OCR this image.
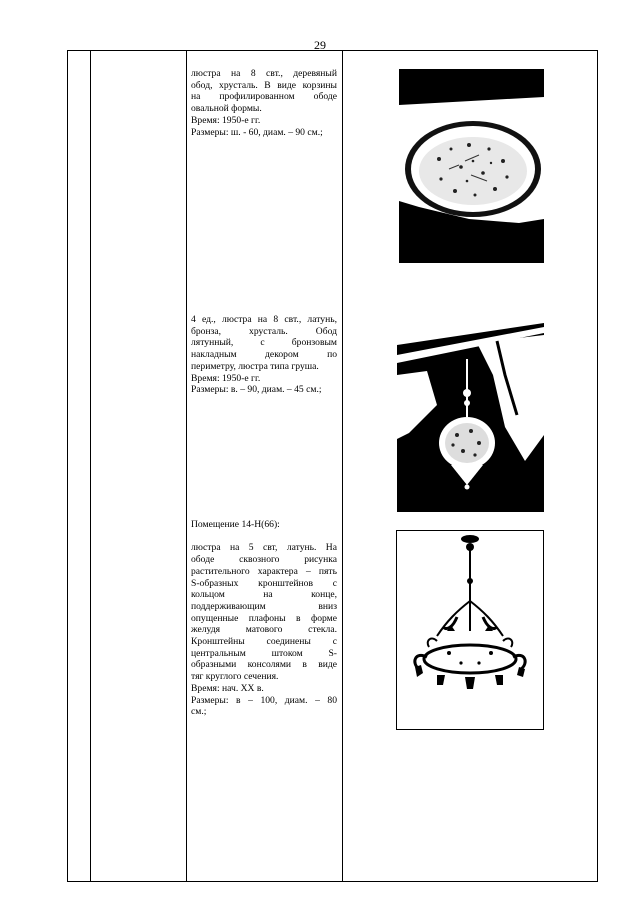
29

люстра на 8 свт., деревяный

обод, хрусталь. В виде корзины

на профилированном ободе

овальной формы.

Время: 1950-е гг.

Размеры: ш. - 60, диам. – 90 см.;

4 ед., люстра на 8 свт., латунь,

бронза, хрусталь. Обод

лятунный, с бронзовым

накладным декором по

периметру, люстра типа груша.

Время: 1950-е гг.

Размеры: в. – 90, диам. – 45 см.;

Помещение 14-Н(66):

люстра на 5 свт, латунь. На

ободе сквозного рисунка

растительного характера – пять

S-образных кронштейнов с

кольцом на конце,

поддерживающим вниз

опущенные плафоны в форме

желудя матового стекла.

Кронштейны соединены с

центральным штоком S-

образными консолями в виде

тяг круглого сечения.

Время: нач. XX в.

Размеры: в – 100, диам. – 80

см.;
